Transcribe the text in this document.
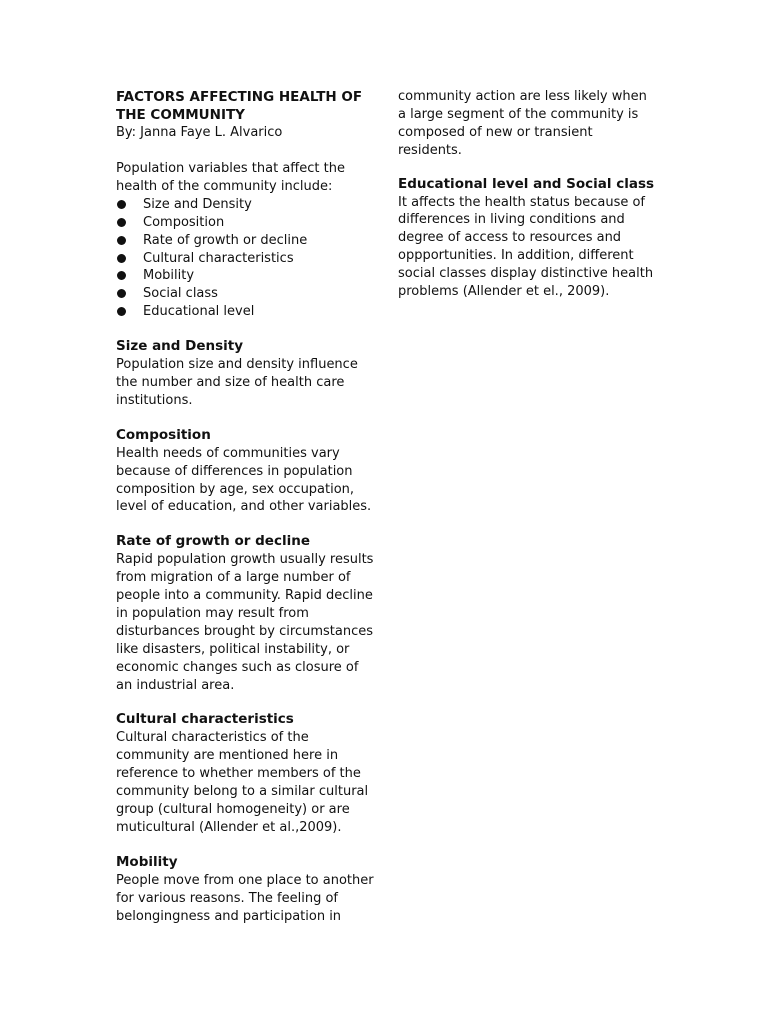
FACTORS AFFECTING HEALTH OF THE COMMUNITY

By: Janna Faye L. Alvarico

Population variables that affect the health of the community include:

Size and Density
Composition
Rate of growth or decline
Cultural characteristics
Mobility
Social class
Educational level
Size and Density

Population size and density influence the number and size of health care institutions.

Composition

Health needs of communities vary because of differences in population composition by age, sex occupation, level of education, and other variables.

Rate of growth or decline

Rapid population growth usually results from migration of a large number of people into a community. Rapid decline in population may result from disturbances brought by circumstances like disasters, political instability, or economic changes such as closure of an industrial area.

Cultural characteristics

Cultural characteristics of the community are mentioned here in reference to whether members of the community belong to a similar cultural group (cultural homogeneity) or are muticultural (Allender et al.,2009).

Mobility

People move from one place to another for various reasons. The feeling of belongingness and participation in

community action are less likely when a large segment of the community is composed of new or transient residents.

Educational level and Social class

It affects the health status because of differences in living conditions and degree of access to resources and oppportunities. In addition, different social classes display distinctive health problems (Allender et el., 2009).
